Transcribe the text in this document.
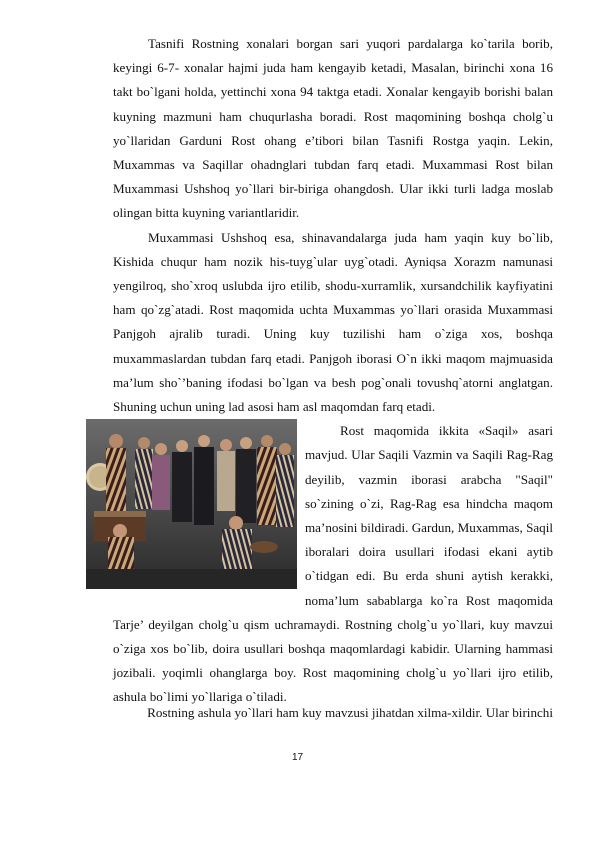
Tasnifi Rostning xonalari borgan sari yuqori pardalarga ko`tarila borib, keyingi 6-7- xonalar hajmi juda ham kengayib ketadi, Masalan, birinchi xona 16 takt bo`lgani holda, yettinchi xona 94 taktga etadi. Xonalar kengayib borishi balan kuyning mazmuni ham chuqurlasha boradi. Rost maqomining boshqa cholg`u yo`llaridan Garduni Rost ohang e’tibori bilan Tasnifi Rostga yaqin. Lekin, Muxammas va Saqillar ohadnglari tubdan farq etadi. Muxammasi Rost bilan Muxammasi Ushshoq yo`llari bir-biriga ohangdosh. Ular ikki turli ladga moslab olingan bitta kuyning variantlaridir.

Muxammasi Ushshoq esa, shinavandalarga juda ham yaqin kuy bo`lib, Kishida chuqur ham nozik his-tuyg`ular uyg`otadi. Ayniqsa Xorazm namunasi yengilroq, sho`xroq uslubda ijro etilib, shodu-xurramlik, xursandchilik kayfiyatini ham qo`zg`atadi. Rost maqomida uchta Muxammas yo`llari orasida Muxammasi Panjgoh ajralib turadi. Uning kuy tuzilishi ham o`ziga xos, boshqa muxammaslardan tubdan farq etadi. Panjgoh iborasi O`n ikki maqom majmuasida ma’lum sho`’baning ifodasi bo`lgan va besh pog`onali tovushq`atorni anglatgan. Shuning uchun uning lad asosi ham asl maqomdan farq etadi.

Rost maqomida ikkita «Saqil» asari mavjud. Ular Saqili Vazmin va Saqili Rag-Rag deyilib, vazmin iborasi arabcha "Saqil" so`zining o`zi, Rag-Rag esa hindcha maqom ma’nosini bildiradi. Gardun, Muxammas, Saqil iboralari doira usullari ifodasi ekani aytib o`tidgan edi. Bu erda shuni aytish kerakki, noma’lum sabablarga ko`ra Rost maqomida Tarje’ deyilgan cholg`u qism uchramaydi. Rostning cholg`u yo`llari, kuy mavzui o`ziga xos bo`lib, doira usullari boshqa maqomlardagi kabidir. Ularning hammasi jozibali. yoqimli ohanglarga boy. Rost maqomining cholg`u yo`llari ijro etilib, ashula bo`limi yo`llariga o`tiladi.

Rostning ashula yo`llari ham kuy mavzusi jihatdan xilma-xildir. Ular birinchi

17
